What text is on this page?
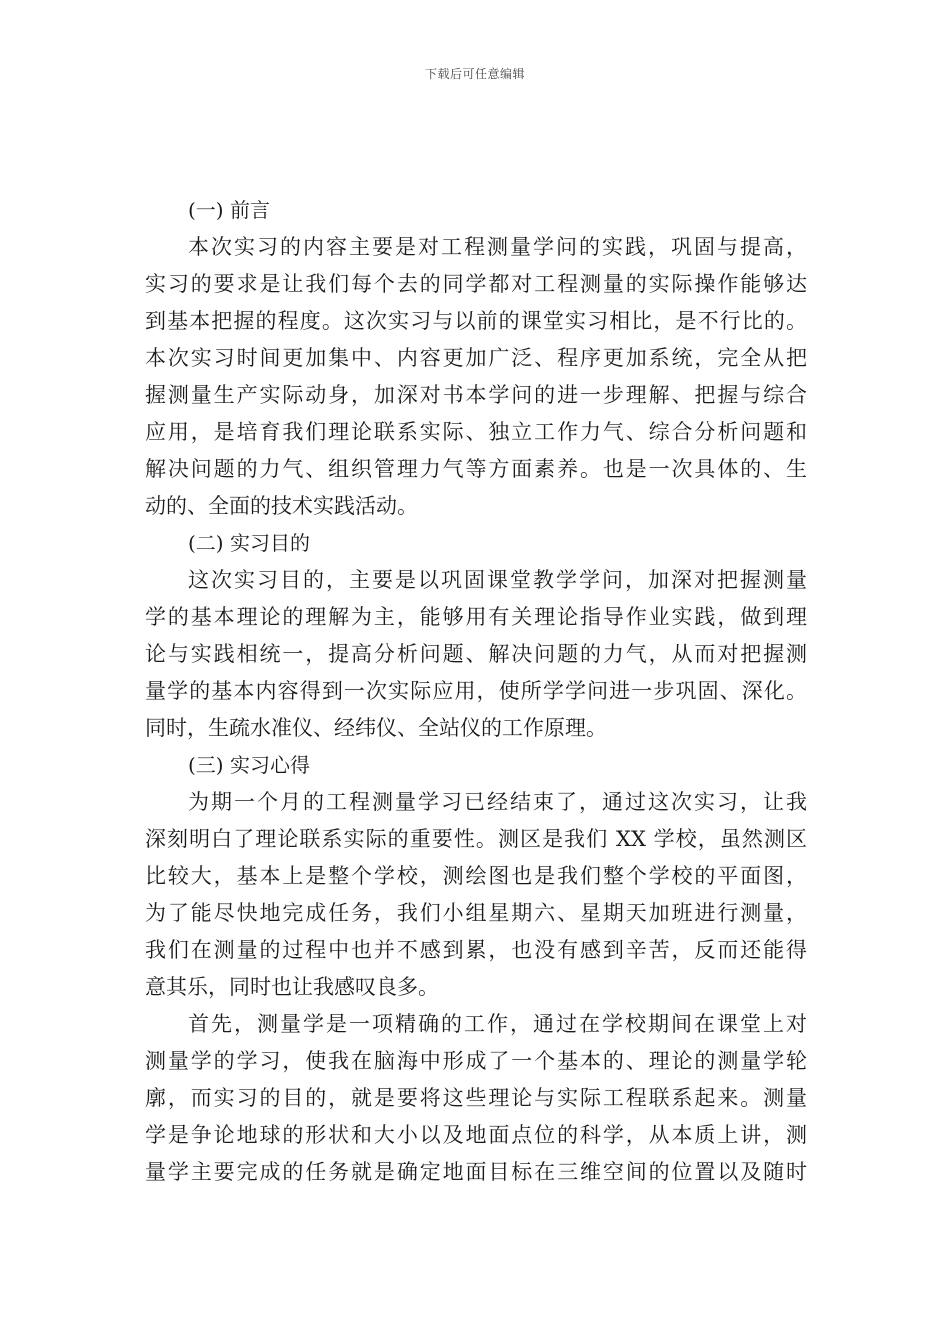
下载后可任意编辑
(一) 前言
本次实习的内容主要是对工程测量学问的实践，巩固与提高，
实习的要求是让我们每个去的同学都对工程测量的实际操作能够达
到基本把握的程度。这次实习与以前的课堂实习相比，是不行比的。
本次实习时间更加集中、内容更加广泛、程序更加系统，完全从把
握测量生产实际动身，加深对书本学问的进一步理解、把握与综合
应用，是培育我们理论联系实际、独立工作力气、综合分析问题和
解决问题的力气、组织管理力气等方面素养。也是一次具体的、生
动的、全面的技术实践活动。
(二) 实习目的
这次实习目的，主要是以巩固课堂教学学问，加深对把握测量
学的基本理论的理解为主，能够用有关理论指导作业实践，做到理
论与实践相统一，提高分析问题、解决问题的力气，从而对把握测
量学的基本内容得到一次实际应用，使所学学问进一步巩固、深化。
同时，生疏水准仪、经纬仪、全站仪的工作原理。
(三) 实习心得
为期一个月的工程测量学习已经结束了，通过这次实习，让我
深刻明白了理论联系实际的重要性。测区是我们 XX 学校，虽然测区
比较大，基本上是整个学校，测绘图也是我们整个学校的平面图，
为了能尽快地完成任务，我们小组星期六、星期天加班进行测量，
我们在测量的过程中也并不感到累，也没有感到辛苦，反而还能得
意其乐，同时也让我感叹良多。
首先，测量学是一项精确的工作，通过在学校期间在课堂上对
测量学的学习，使我在脑海中形成了一个基本的、理论的测量学轮
廓，而实习的目的，就是要将这些理论与实际工程联系起来。测量
学是争论地球的形状和大小以及地面点位的科学，从本质上讲，测
量学主要完成的任务就是确定地面目标在三维空间的位置以及随时
